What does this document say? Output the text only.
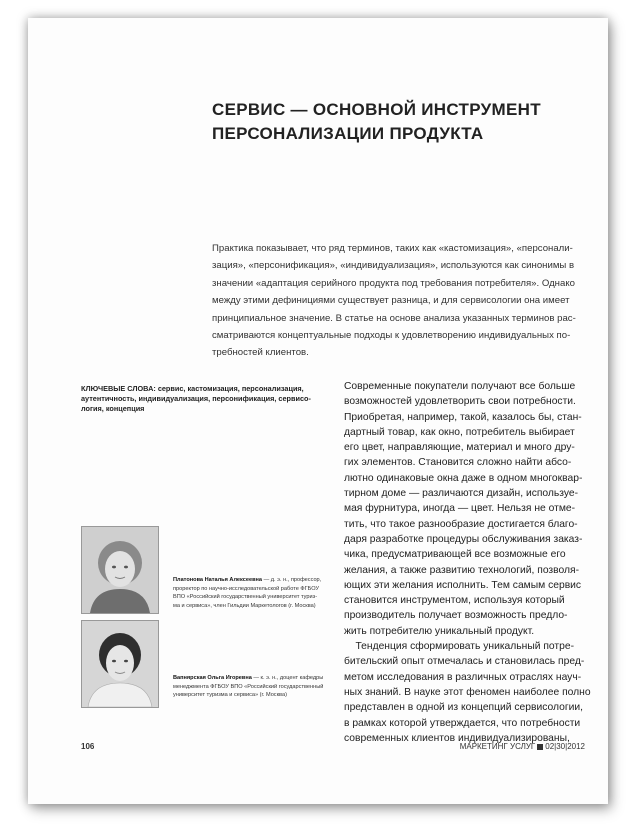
СЕРВИС — ОСНОВНОЙ ИНСТРУМЕНТ
ПЕРСОНАЛИЗАЦИИ ПРОДУКТА
Практика показывает, что ряд терминов, таких как «кастомизация», «персонали-
зация», «персонификация», «индивидуализация», используются как синонимы в
значении «адаптация серийного продукта под требования потребителя». Однако
между этими дефинициями существует разница, и для сервисологии она имеет
принципиальное значение. В статье на основе анализа указанных терминов рас-
сматриваются концептуальные подходы к удовлетворению индивидуальных по-
требностей клиентов.
КЛЮЧЕВЫЕ СЛОВА: сервис, кастомизация, персонализация,
аутентичность, индивидуализация, персонификация, сервисо-
логия, концепция
Современные покупатели получают все больше
возможностей удовлетворить свои потребности.
Приобретая, например, такой, казалось бы, стан-
дартный товар, как окно, потребитель выбирает
его цвет, направляющие, материал и много дру-
гих элементов. Становится сложно найти абсо-
лютно одинаковые окна даже в одном многоквар-
тирном доме — различаются дизайн, используе-
мая фурнитура, иногда — цвет. Нельзя не отме-
тить, что такое разнообразие достигается благо-
даря разработке процедуры обслуживания заказ-
чика, предусматривающей все возможные его
желания, а также развитию технологий, позволя-
ющих эти желания исполнить. Тем самым сервис
становится инструментом, используя который
производитель получает возможность предло-
жить потребителю уникальный продукт.
Тенденция сформировать уникальный потре-
бительский опыт отмечалась и становилась пред-
метом исследования в различных отраслях науч-
ных знаний. В науке этот феномен наиболее полно
представлен в одной из концепций сервисологии,
в рамках которой утверждается, что потребности
современных клиентов индивидуализированы,
Платонова Наталья Алексеевна — д. э. н., профессор,
проректор по научно-исследовательской работе ФГБОУ
ВПО «Российский государственный университет туриз-
ма и сервиса», член Гильдии Маркетологов (г. Москва)
Вапнярская Ольга Игоревна — к. э. н., доцент кафедры
менеджмента ФГБОУ ВПО «Российский государственный
университет туризма и сервиса» (г. Москва)
106	МАРКЕТИНГ УСЛУГ 02|30|2012
